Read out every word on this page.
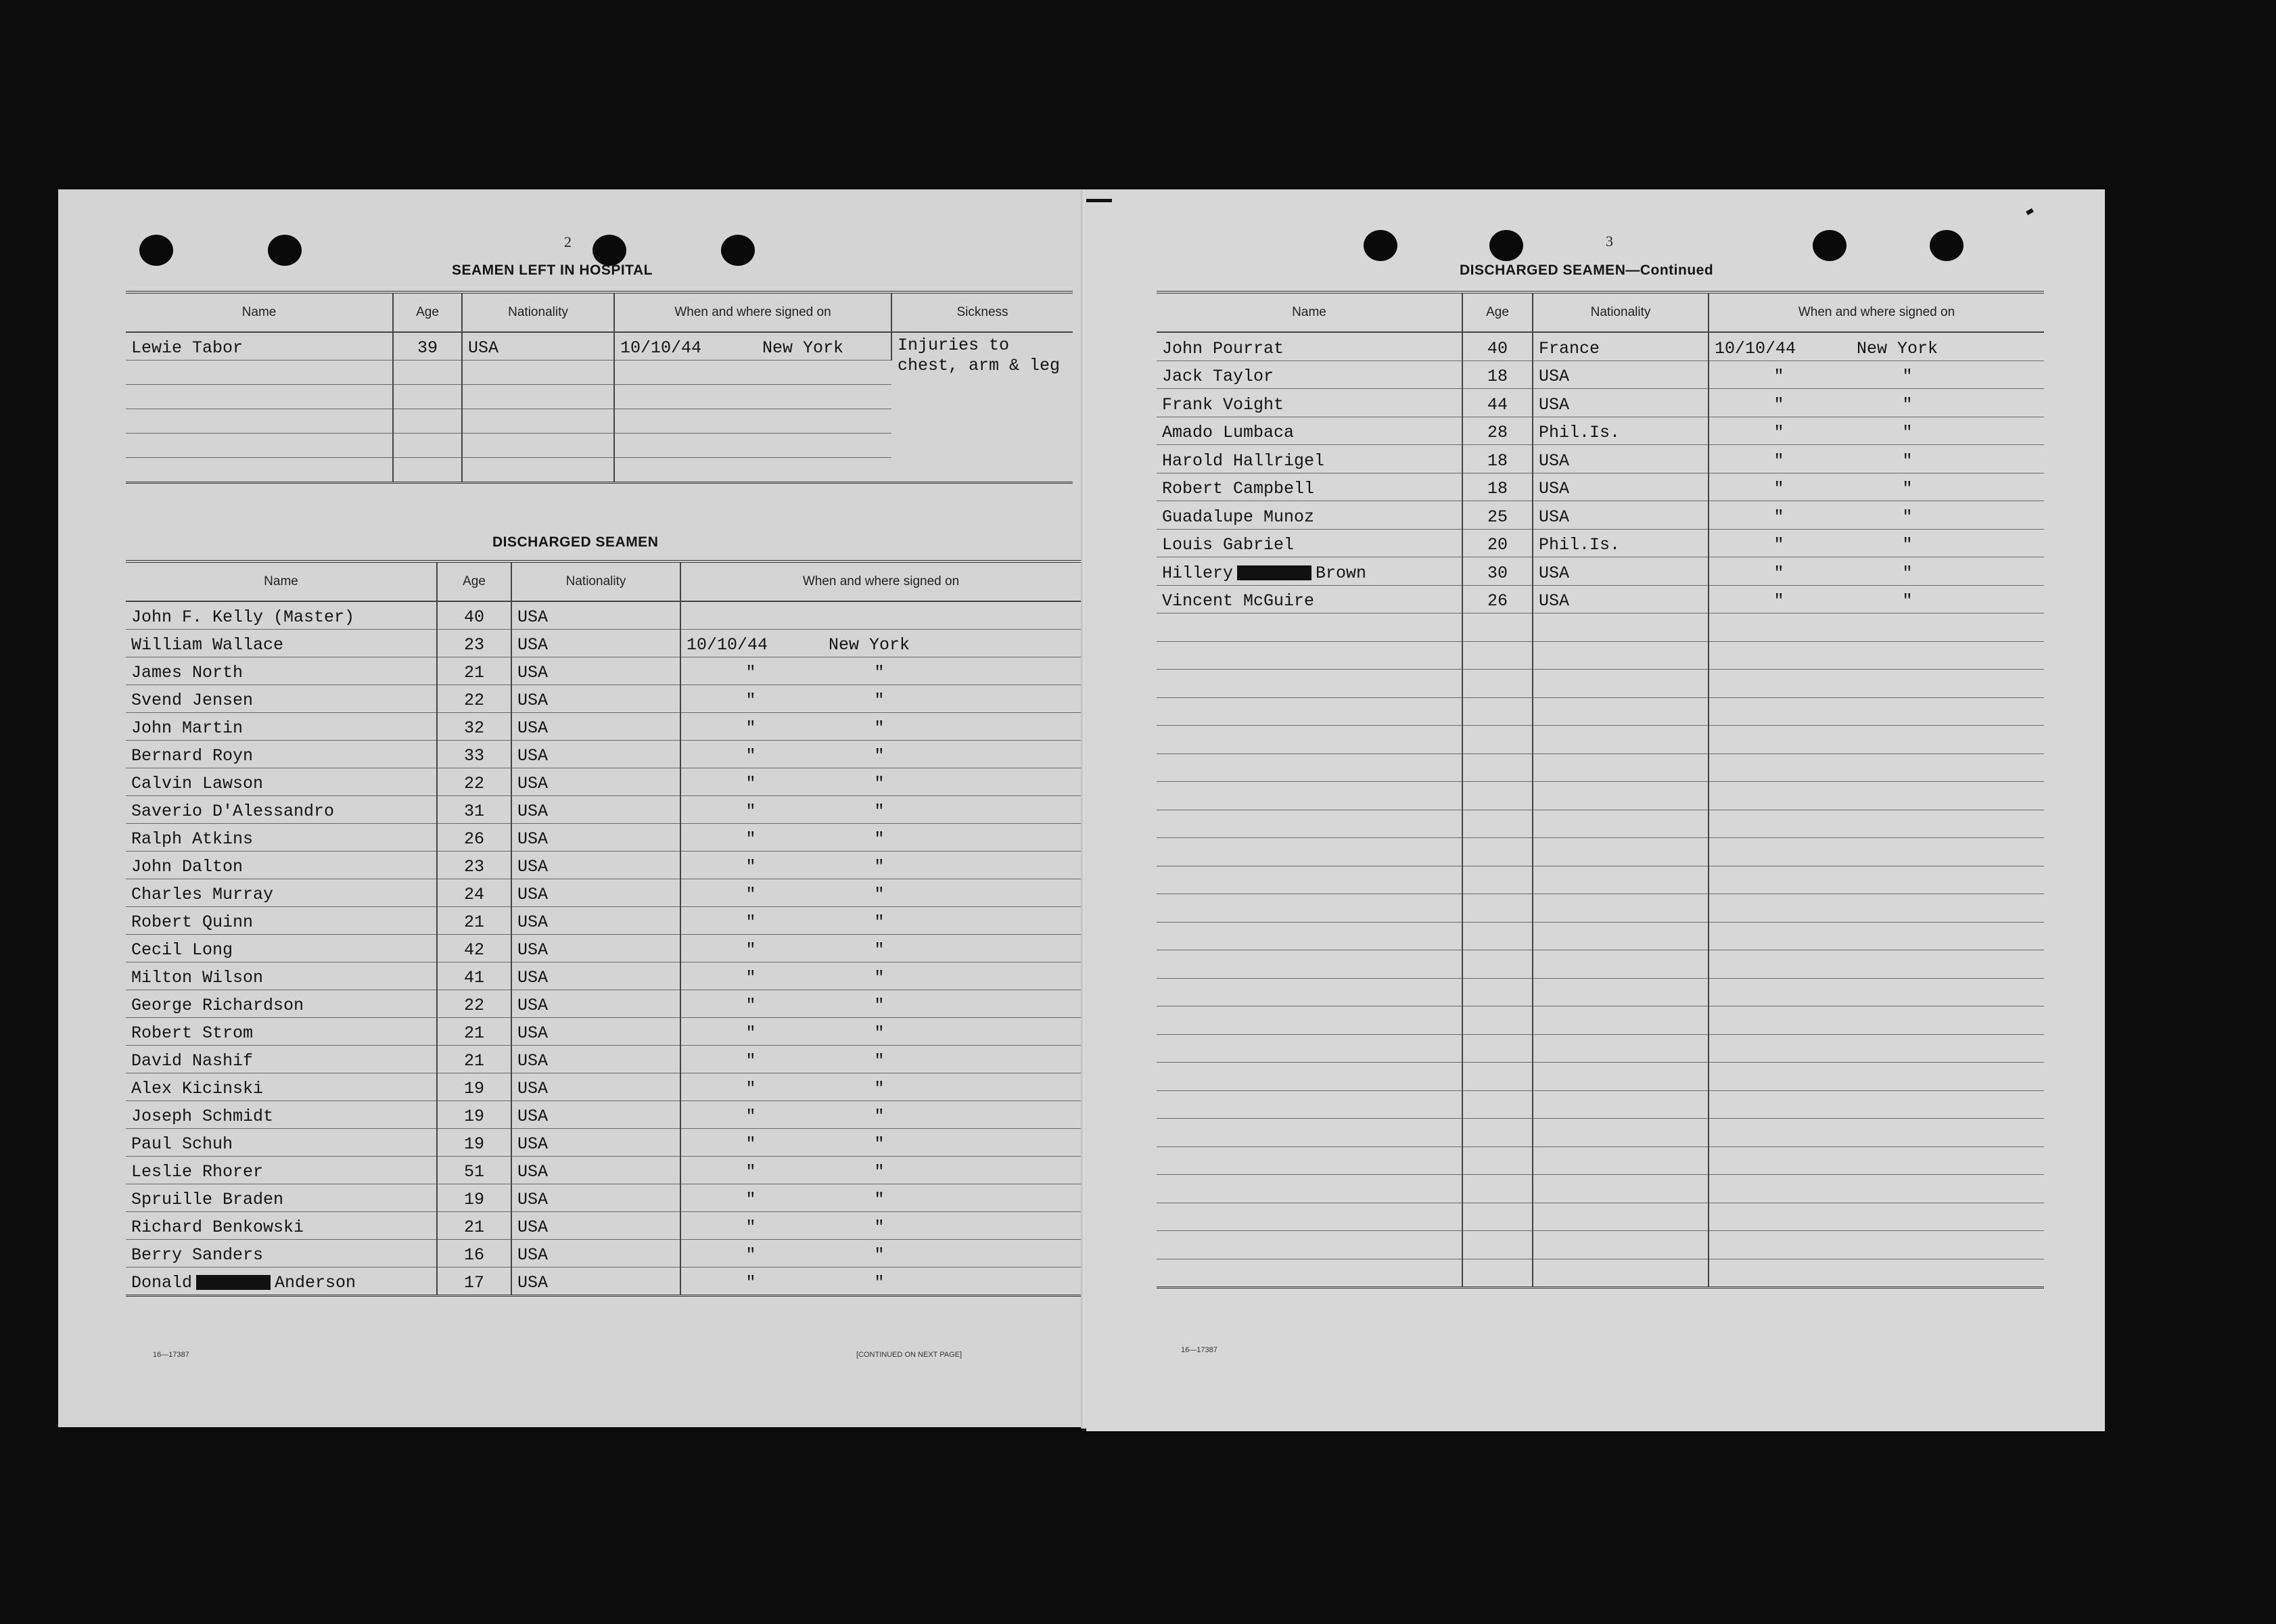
2
SEAMEN LEFT IN HOSPITAL
Name	Age	Nationality	When and where signed on	Sickness
Lewie Tabor	39	USA	10/10/44 New York	Injuries to chest, arm & leg

DISCHARGED SEAMEN
Name	Age	Nationality	When and where signed on
John F. Kelly (Master)	40	USA	
William Wallace	23	USA	10/10/44 New York
James North	21	USA	" "
Svend Jensen	22	USA	" "
John Martin	32	USA	" "
Bernard Royn	33	USA	" "
Calvin Lawson	22	USA	" "
Saverio D'Alessandro	31	USA	" "
Ralph Atkins	26	USA	" "
John Dalton	23	USA	" "
Charles Murray	24	USA	" "
Robert Quinn	21	USA	" "
Cecil Long	42	USA	" "
Milton Wilson	41	USA	" "
George Richardson	22	USA	" "
Robert Strom	21	USA	" "
David Nashif	21	USA	" "
Alex Kicinski	19	USA	" "
Joseph Schmidt	19	USA	" "
Paul Schuh	19	USA	" "
Leslie Rhorer	51	USA	" "
Spruille Braden	19	USA	" "
Richard Benkowski	21	USA	" "
Berry Sanders	16	USA	" "
Donald Anderson	17	USA	" "
16—17387	[CONTINUED ON NEXT PAGE]
3
DISCHARGED SEAMEN—Continued
Name	Age	Nationality	When and where signed on
John Pourrat	40	France	10/10/44 New York
Jack Taylor	18	USA	" "
Frank Voight	44	USA	" "
Amado Lumbaca	28	Phil.Is.	" "
Harold Hallrigel	18	USA	" "
Robert Campbell	18	USA	" "
Guadalupe Munoz	25	USA	" "
Louis Gabriel	20	Phil.Is.	" "
Hillery Brown	30	USA	" "
Vincent McGuire	26	USA	" "

16—17387
